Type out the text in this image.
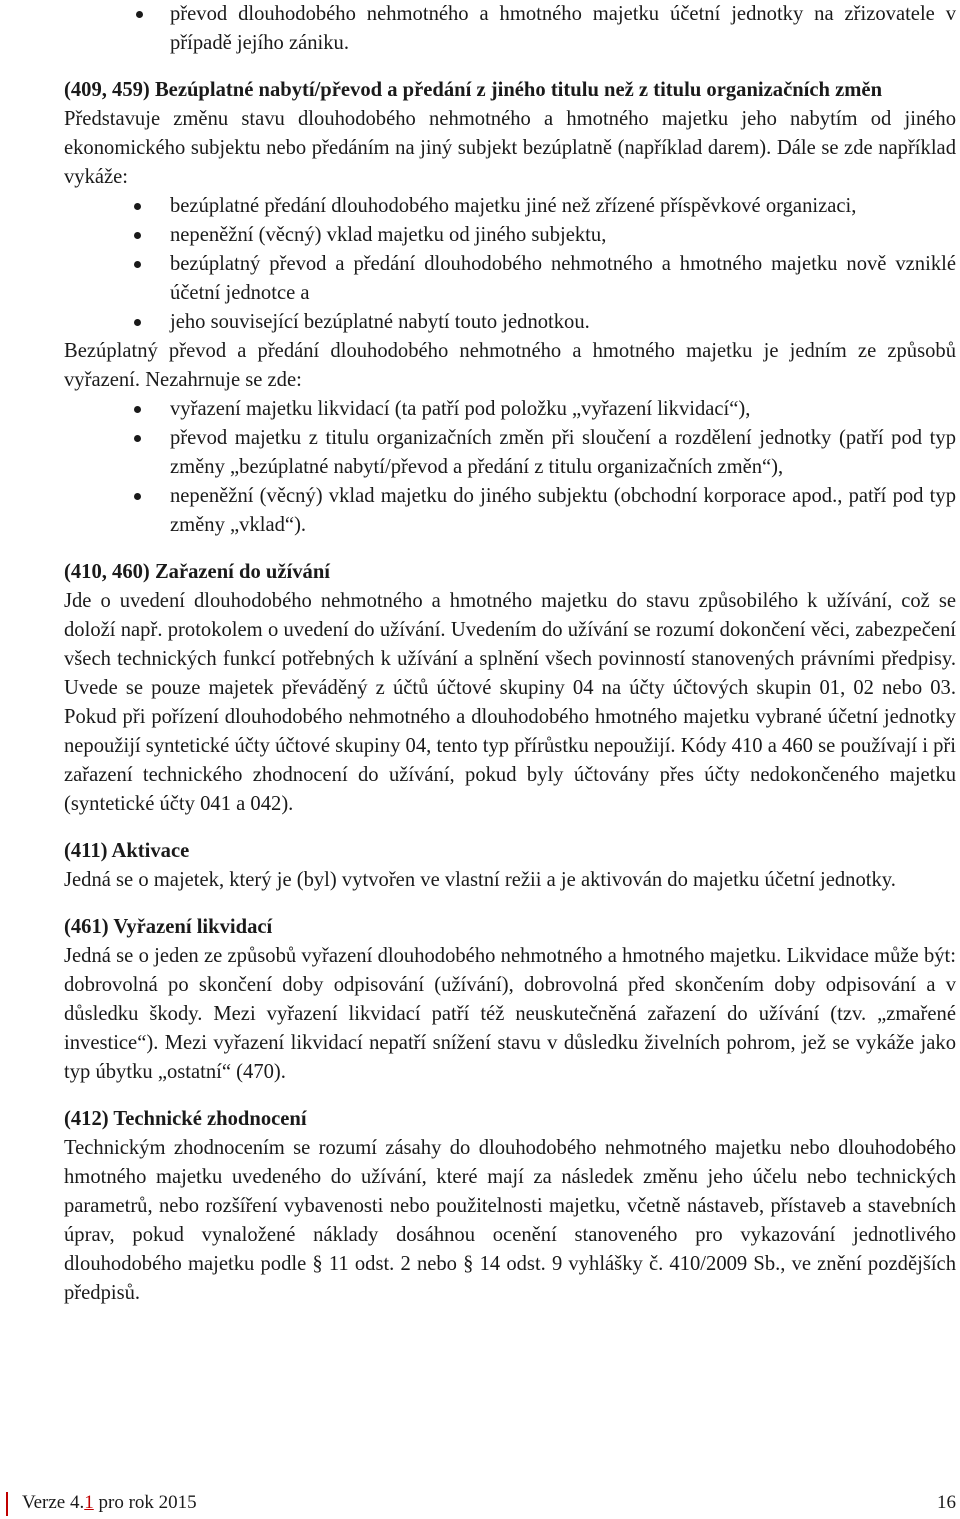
převod dlouhodobého nehmotného a hmotného majetku účetní jednotky na zřizovatele v případě jejího zániku.

(409, 459) Bezúplatné nabytí/převod a předání z jiného titulu než z titulu organizačních změn

Představuje změnu stavu dlouhodobého nehmotného a hmotného majetku jeho nabytím od jiného ekonomického subjektu nebo předáním na jiný subjekt bezúplatně (například darem). Dále se zde například vykáže:

bezúplatné předání dlouhodobého majetku jiné než zřízené příspěvkové organizaci,
nepeněžní (věcný) vklad majetku od jiného subjektu,
bezúplatný převod a předání dlouhodobého nehmotného a hmotného majetku nově vzniklé účetní jednotce a
jeho související bezúplatné nabytí touto jednotkou.

Bezúplatný převod a předání dlouhodobého nehmotného a hmotného majetku je jedním ze způsobů vyřazení. Nezahrnuje se zde:

vyřazení majetku likvidací (ta patří pod položku „vyřazení likvidací“),
převod majetku z titulu organizačních změn při sloučení a rozdělení jednotky (patří pod typ změny „bezúplatné nabytí/převod a předání z titulu organizačních změn“),
nepeněžní (věcný) vklad majetku do jiného subjektu (obchodní korporace apod., patří pod typ změny „vklad“).

(410, 460) Zařazení do užívání

Jde o uvedení dlouhodobého nehmotného a hmotného majetku do stavu způsobilého k užívání, což se doloží např. protokolem o uvedení do užívání. Uvedením do užívání se rozumí dokončení věci, zabezpečení všech technických funkcí potřebných k užívání a splnění všech povinností stanovených právními předpisy. Uvede se pouze majetek převáděný z účtů účtové skupiny 04 na účty účtových skupin 01, 02 nebo 03. Pokud při pořízení dlouhodobého nehmotného a dlouhodobého hmotného majetku vybrané účetní jednotky nepoužijí syntetické účty účtové skupiny 04, tento typ přírůstku nepoužijí. Kódy 410 a 460 se používají i při zařazení technického zhodnocení do užívání, pokud byly účtovány přes účty nedokončeného majetku (syntetické účty 041 a 042).

(411) Aktivace

Jedná se o majetek, který je (byl) vytvořen ve vlastní režii a je aktivován do majetku účetní jednotky.

(461) Vyřazení likvidací

Jedná se o jeden ze způsobů vyřazení dlouhodobého nehmotného a hmotného majetku. Likvidace může být: dobrovolná po skončení doby odpisování (užívání), dobrovolná před skončením doby odpisování a v důsledku škody. Mezi vyřazení likvidací patří též neuskutečněná zařazení do užívání (tzv. „zmařené investice“). Mezi vyřazení likvidací nepatří snížení stavu v důsledku živelních pohrom, jež se vykáže jako typ úbytku „ostatní“ (470).

(412) Technické zhodnocení

Technickým zhodnocením se rozumí zásahy do dlouhodobého nehmotného majetku nebo dlouhodobého hmotného majetku uvedeného do užívání, které mají za následek změnu jeho účelu nebo technických parametrů, nebo rozšíření vybavenosti nebo použitelnosti majetku, včetně nástaveb, přístaveb a stavebních úprav, pokud vynaložené náklady dosáhnou ocenění stanoveného pro vykazování jednotlivého dlouhodobého majetku podle § 11 odst. 2 nebo § 14 odst. 9 vyhlášky č. 410/2009 Sb., ve znění pozdějších předpisů.

Verze 4.1 pro rok 2015	16
